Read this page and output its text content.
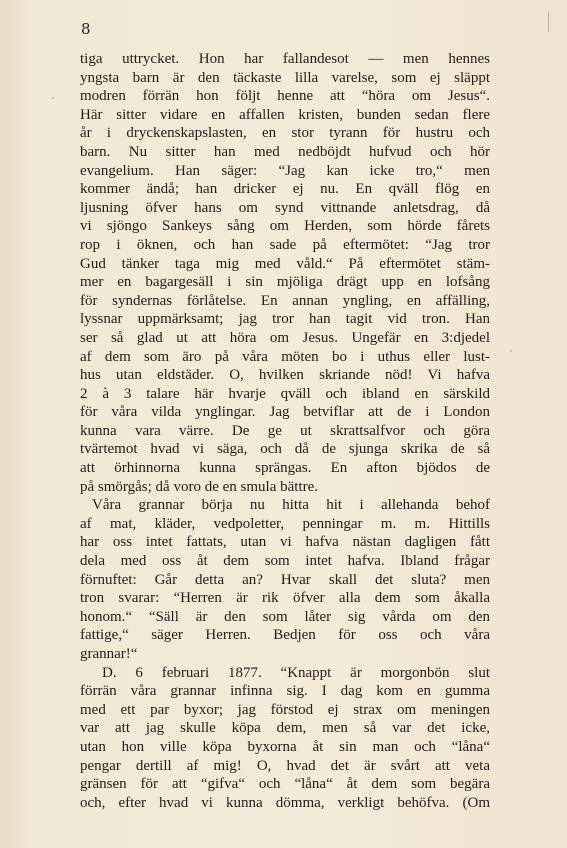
8
tiga uttrycket. Hon har fallandesot — men hennes
yngsta barn är den täckaste lilla varelse, som ej släppt
modren förrän hon följt henne att “höra om Jesus“.
Här sitter vidare en affallen kristen, bunden sedan flere
år i dryckenskapslasten, en stor tyrann för hustru och
barn. Nu sitter han med nedböjdt hufvud och hör
evangelium. Han säger: “Jag kan icke tro,“ men
kommer ändå; han dricker ej nu. En qväll flög en
ljusning öfver hans om synd vittnande anletsdrag, då
vi sjöngo Sankeys sång om Herden, som hörde fårets
rop i öknen, och han sade på eftermötet: “Jag tror
Gud tänker taga mig med våld.“ På eftermötet stäm-
mer en bagargesäll i sin mjöliga drägt upp en lofsång
för syndernas förlåtelse. En annan yngling, en affälling,
lyssnar uppmärksamt; jag tror han tagit vid tron. Han
ser så glad ut att höra om Jesus. Ungefär en 3:djedel
af dem som äro på våra möten bo i uthus eller lust-
hus utan eldstäder. O, hvilken skriande nöd! Vi hafva
2 à 3 talare här hvarje qväll och ibland en särskild
för våra vilda ynglingar. Jag betviflar att de i London
kunna vara värre. De ge ut skrattsalfvor och göra
tvärtemot hvad vi säga, och då de sjunga skrika de så
att örhinnorna kunna sprängas. En afton bjödos de
på smörgås; då voro de en smula bättre.
Våra grannar börja nu hitta hit i allehanda behof
af mat, kläder, vedpoletter, penningar m. m. Hittills
har oss intet fattats, utan vi hafva nästan dagligen fått
dela med oss åt dem som intet hafva. Ibland frågar
förnuftet: Går detta an? Hvar skall det sluta? men
tron svarar: “Herren är rik öfver alla dem som åkalla
honom.“ “Säll är den som låter sig vårda om den
fattige,“ säger Herren. Bedjen för oss och våra
grannar!“
D. 6 februari 1877. “Knappt är morgonbön slut
förrän våra grannar infinna sig. I dag kom en gumma
med ett par byxor; jag förstod ej strax om meningen
var att jag skulle köpa dem, men så var det icke,
utan hon ville köpa byxorna åt sin man och “låna“
pengar dertill af mig! O, hvad det är svårt att veta
gränsen för att “gifva“ och “låna“ åt dem som begära
och, efter hvad vi kunna dömma, verkligt behöfva. (Om
